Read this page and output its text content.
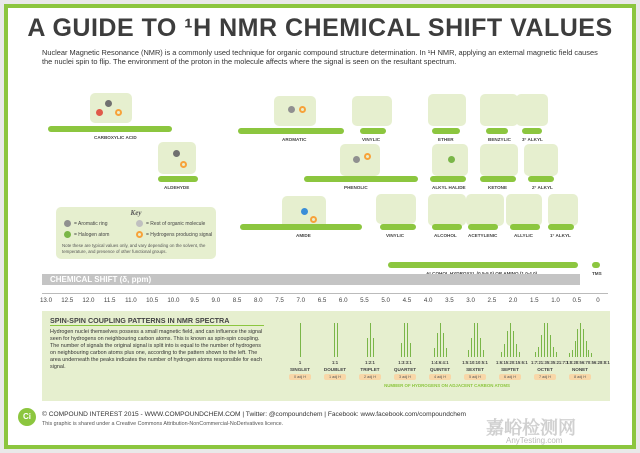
A GUIDE TO ¹H NMR CHEMICAL SHIFT VALUES
Nuclear Magnetic Resonance (NMR) is a commonly used technique for organic compound structure determination. In ¹H NMR, applying an external magnetic field causes the nuclei spin to flip. The environment of the proton in the molecule affects where the signal is seen on the resultant spectrum.
CARBOXYLIC ACID
ALDEHYDE
AROMATIC
PHENOLIC
AMIDE
VINYLIC
VINYLIC
ETHER
ALKYL HALIDE
ALCOHOL
BENZYLIC
KETONE
ACETYLENIC
3° ALKYL
ALLYLIC
2° ALKYL
1° ALKYL
TMS
Key
= Aromatic ring	= Rest of organic molecule
= Halogen atom	= Hydrogens producing signal
Note these are typical values only, and vary depending on the solvent, the temperature, and presence of other functional groups.
CHEMICAL SHIFT (δ, ppm)
13.0 12.5 12.0 11.5 11.0 10.5 10.0 9.5 9.0 8.5 8.0 7.5 7.0 6.5 6.0 5.5 5.0 4.5 4.0 3.5 3.0 2.5 2.0 1.5 1.0 0.5 0
SPIN-SPIN COUPLING PATTERNS IN NMR SPECTRA
Hydrogen nuclei themselves possess a small magnetic field, and can influence the signal seen for hydrogens on neighbouring carbon atoms. This is known as spin-spin coupling. The number of signals the original signal is split into is equal to the number of hydrogens on neighbouring carbon atoms plus one, according to the pattern shown to the left. The area underneath the peaks indicates the number of hydrogen atoms responsible for each signal.
NUMBER OF HYDROGENS ON ADJACENT CARBON ATOMS
1
SINGLET
0 adj H
1:1
DOUBLET
1 adj H
1:2:1
TRIPLET
2 adj H
1:3:3:1
QUARTET
3 adj H
1:4:6:4:1
QUINTET
4 adj H
1:5:10:10:5:1
SEXTET
5 adj H
1:6:15:20:15:6:1
SEPTET
6 adj H
1:7:21:35:35:21:7:1
OCTET
7 adj H
1:8:28:56:70:56:28:8:1
NONET
8 adj H
Ci	© COMPOUND INTEREST 2015 - WWW.COMPOUNDCHEM.COM | Twitter: @compoundchem | Facebook: www.facebook.com/compoundchem
This graphic is shared under a Creative Commons Attribution-NonCommercial-NoDerivatives licence.	嘉峪检测网
AnyTesting.com
